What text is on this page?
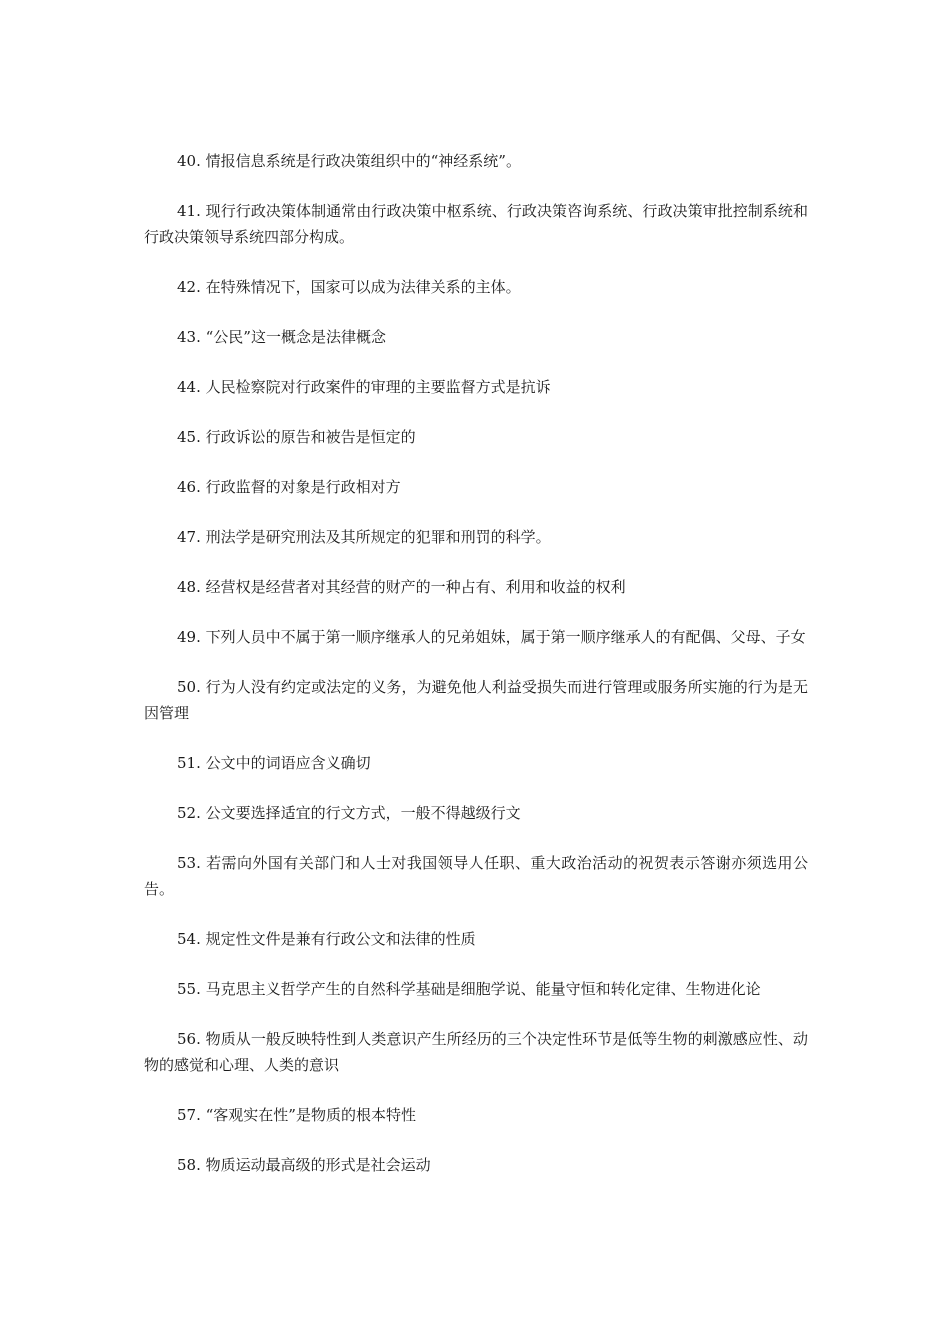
40. 情报信息系统是行政决策组织中的“神经系统”。

41. 现行行政决策体制通常由行政决策中枢系统、行政决策咨询系统、行政决策审批控制系统和行政决策领导系统四部分构成。

42. 在特殊情况下，国家可以成为法律关系的主体。

43. “公民”这一概念是法律概念

44. 人民检察院对行政案件的审理的主要监督方式是抗诉

45. 行政诉讼的原告和被告是恒定的

46. 行政监督的对象是行政相对方

47. 刑法学是研究刑法及其所规定的犯罪和刑罚的科学。

48. 经营权是经营者对其经营的财产的一种占有、利用和收益的权利

49. 下列人员中不属于第一顺序继承人的兄弟姐妹，属于第一顺序继承人的有配偶、父母、子女

50. 行为人没有约定或法定的义务，为避免他人利益受损失而进行管理或服务所实施的行为是无因管理

51. 公文中的词语应含义确切

52. 公文要选择适宜的行文方式，一般不得越级行文

53. 若需向外国有关部门和人士对我国领导人任职、重大政治活动的祝贺表示答谢亦须选用公告。

54. 规定性文件是兼有行政公文和法律的性质

55. 马克思主义哲学产生的自然科学基础是细胞学说、能量守恒和转化定律、生物进化论

56. 物质从一般反映特性到人类意识产生所经历的三个决定性环节是低等生物的刺激感应性、动物的感觉和心理、人类的意识

57. “客观实在性”是物质的根本特性

58. 物质运动最高级的形式是社会运动
